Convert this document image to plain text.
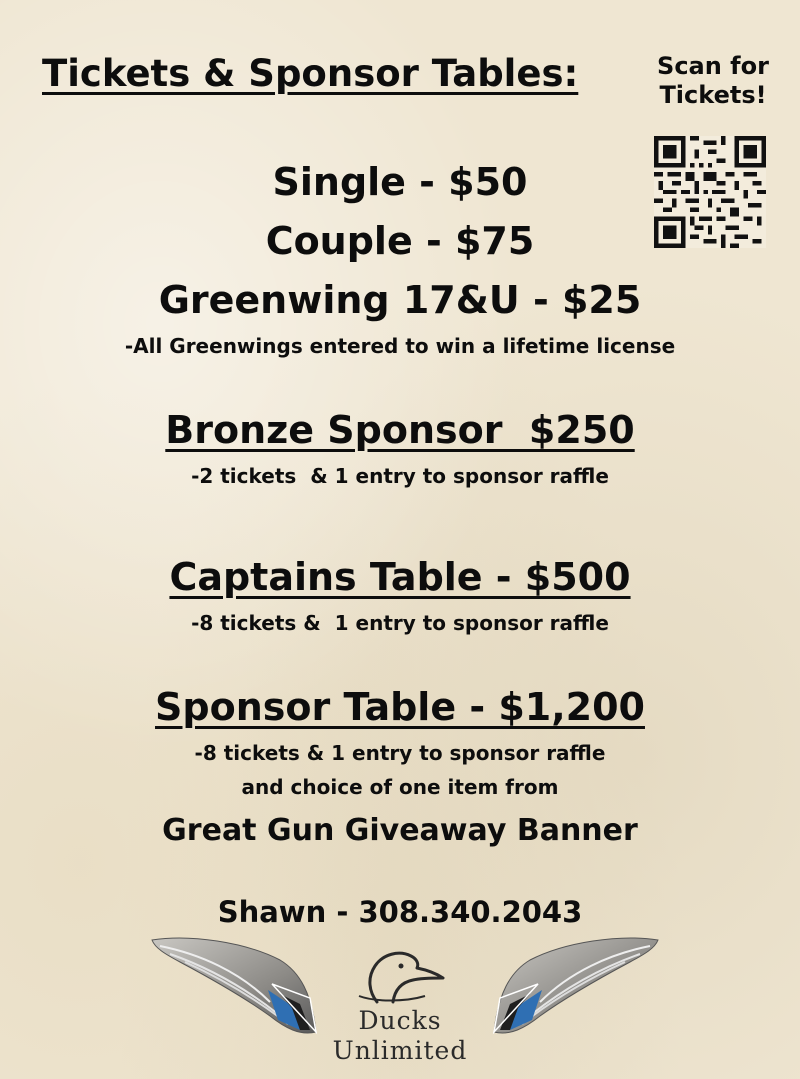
Tickets & Sponsor Tables:	Scan for
Tickets!
Single - $50
Couple - $75
Greenwing 17&U - $25
-All Greenwings entered to win a lifetime license
Bronze Sponsor  $250
-2 tickets  & 1 entry to sponsor raffle
Captains Table - $500
-8 tickets &  1 entry to sponsor raffle
Sponsor Table - $1,200
-8 tickets & 1 entry to sponsor raffle
and choice of one item from
Great Gun Giveaway Banner
Shawn - 308.340.2043
Ducks
Unlimited
